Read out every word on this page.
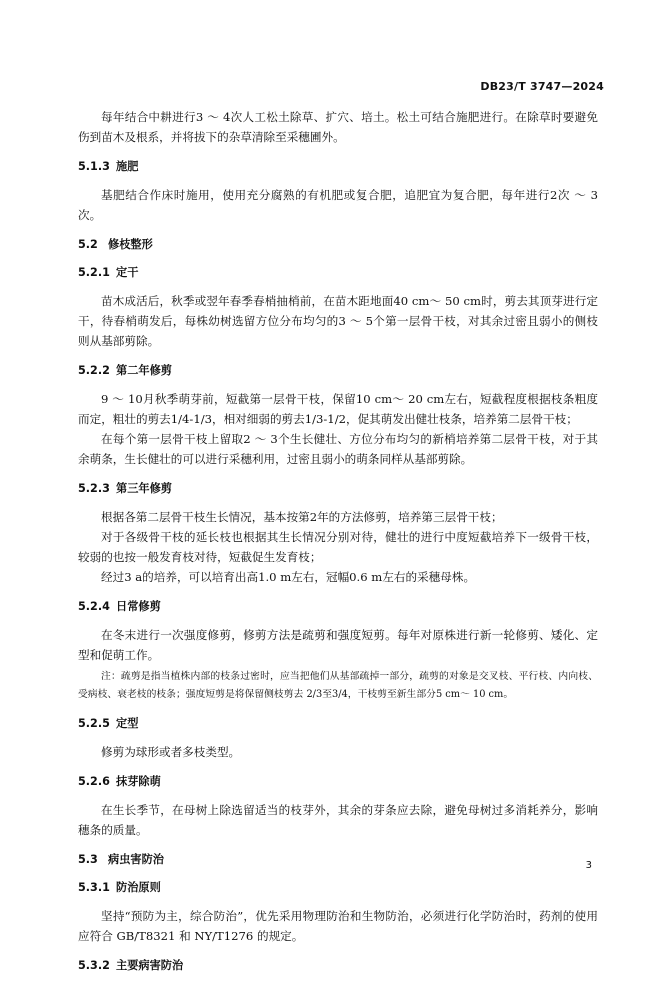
DB23/T 3747—2024

每年结合中耕进行3 ～ 4次人工松土除草、扩穴、培土。松土可结合施肥进行。在除草时要避免伤到苗木及根系，并将拔下的杂草清除至采穗圃外。

5.1.3 施肥

基肥结合作床时施用，使用充分腐熟的有机肥或复合肥，追肥宜为复合肥，每年进行2次 ～ 3次。

5.2 修枝整形
5.2.1 定干

苗木成活后，秋季或翌年春季春梢抽梢前，在苗木距地面40 cm～ 50 cm时，剪去其顶芽进行定干，待春梢萌发后，每株幼树选留方位分布均匀的3 ～ 5个第一层骨干枝，对其余过密且弱小的侧枝则从基部剪除。

5.2.2 第二年修剪

9 ～ 10月秋季萌芽前，短截第一层骨干枝，保留10 cm～ 20 cm左右，短截程度根据枝条粗度而定，粗壮的剪去1/4-1/3，相对细弱的剪去1/3-1/2，促其萌发出健壮枝条，培养第二层骨干枝；

在每个第一层骨干枝上留取2 ～ 3个生长健壮、方位分布均匀的新梢培养第二层骨干枝，对于其余萌条，生长健壮的可以进行采穗利用，过密且弱小的萌条同样从基部剪除。

5.2.3 第三年修剪

根据各第二层骨干枝生长情况，基本按第2年的方法修剪，培养第三层骨干枝；

对于各级骨干枝的延长枝也根据其生长情况分别对待，健壮的进行中度短截培养下一级骨干枝，较弱的也按一般发育枝对待，短截促生发育枝；

经过3 a的培养，可以培育出高1.0 m左右，冠幅0.6 m左右的采穗母株。

5.2.4 日常修剪

在冬末进行一次强度修剪，修剪方法是疏剪和强度短剪。每年对原株进行新一轮修剪、矮化、定型和促萌工作。

注：疏剪是指当植株内部的枝条过密时，应当把他们从基部疏掉一部分，疏剪的对象是交叉枝、平行枝、内向枝、受病枝、衰老枝的枝条；强度短剪是将保留侧枝剪去 2/3至3/4，干枝剪至新生部分5 cm～ 10 cm。

5.2.5 定型

修剪为球形或者多枝类型。

5.2.6 抹芽除萌

在生长季节，在母树上除选留适当的枝芽外，其余的芽条应去除，避免母树过多消耗养分，影响穗条的质量。

5.3 病虫害防治
5.3.1 防治原则

坚持“预防为主，综合防治”，优先采用物理防治和生物防治，必须进行化学防治时，药剂的使用应符合 GB/T8321 和 NY/T1276 的规定。

5.3.2 主要病害防治
3
